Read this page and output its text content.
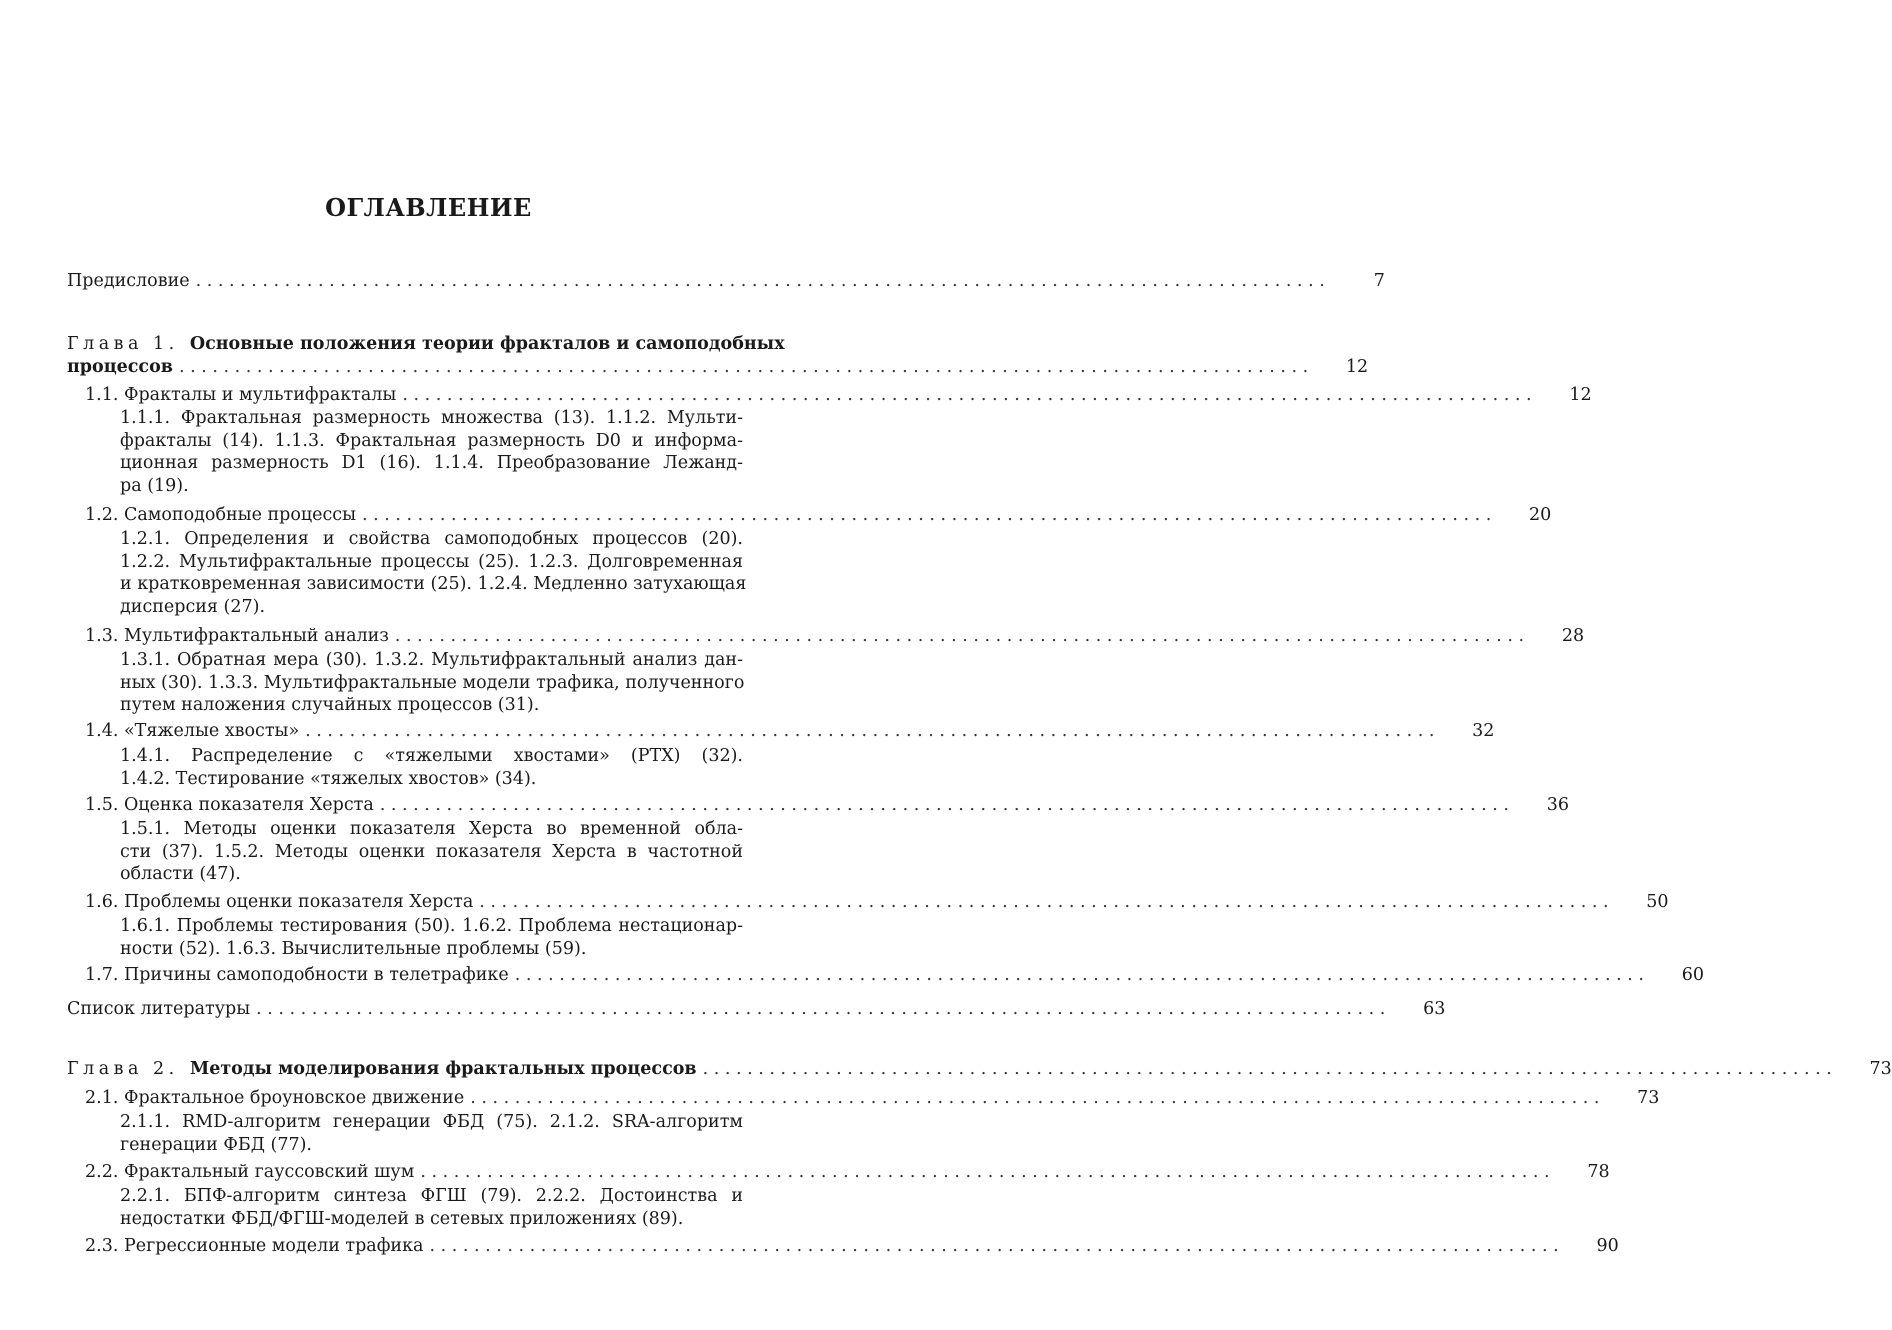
ОГЛАВЛЕНИЕ
Предисловие . . .	7
Глава 1. Основные положения теории фракталов и самоподобных
процессов . . .	12
1.1. Фракталы и мультифракталы . . .	12
1.1.1. Фрактальная размерность множества (13). 1.1.2. Мульти-
фракталы (14). 1.1.3. Фрактальная размерность D0 и информа-
ционная размерность D1 (16). 1.1.4. Преобразование Лежанд-
ра (19).
1.2. Самоподобные процессы . . .	20
1.2.1. Определения и свойства самоподобных процессов (20).
1.2.2. Мультифрактальные процессы (25). 1.2.3. Долговременная
и кратковременная зависимости (25). 1.2.4. Медленно затухающая
дисперсия (27).
1.3. Мультифрактальный анализ . . .	28
1.3.1. Обратная мера (30). 1.3.2. Мультифрактальный анализ дан-
ных (30). 1.3.3. Мультифрактальные модели трафика, полученного
путем наложения случайных процессов (31).
1.4. «Тяжелые хвосты» . . .	32
1.4.1. Распределение с «тяжелыми хвостами» (РТХ) (32).
1.4.2. Тестирование «тяжелых хвостов» (34).
1.5. Оценка показателя Херста . . .	36
1.5.1. Методы оценки показателя Херста во временной обла-
сти (37). 1.5.2. Методы оценки показателя Херста в частотной
области (47).
1.6. Проблемы оценки показателя Херста . . .	50
1.6.1. Проблемы тестирования (50). 1.6.2. Проблема нестационар-
ности (52). 1.6.3. Вычислительные проблемы (59).
1.7. Причины самоподобности в телетрафике . . .	60
Список литературы . . .	63
Глава 2. Методы моделирования фрактальных процессов . . .	73
2.1. Фрактальное броуновское движение . . .	73
2.1.1. RMD-алгоритм генерации ФБД (75). 2.1.2. SRA-алгоритм
генерации ФБД (77).
2.2. Фрактальный гауссовский шум . . .	78
2.2.1. БПФ-алгоритм синтеза ФГШ (79). 2.2.2. Достоинства и
недостатки ФБД/ФГШ-моделей в сетевых приложениях (89).
2.3. Регрессионные модели трафика . . .	90
